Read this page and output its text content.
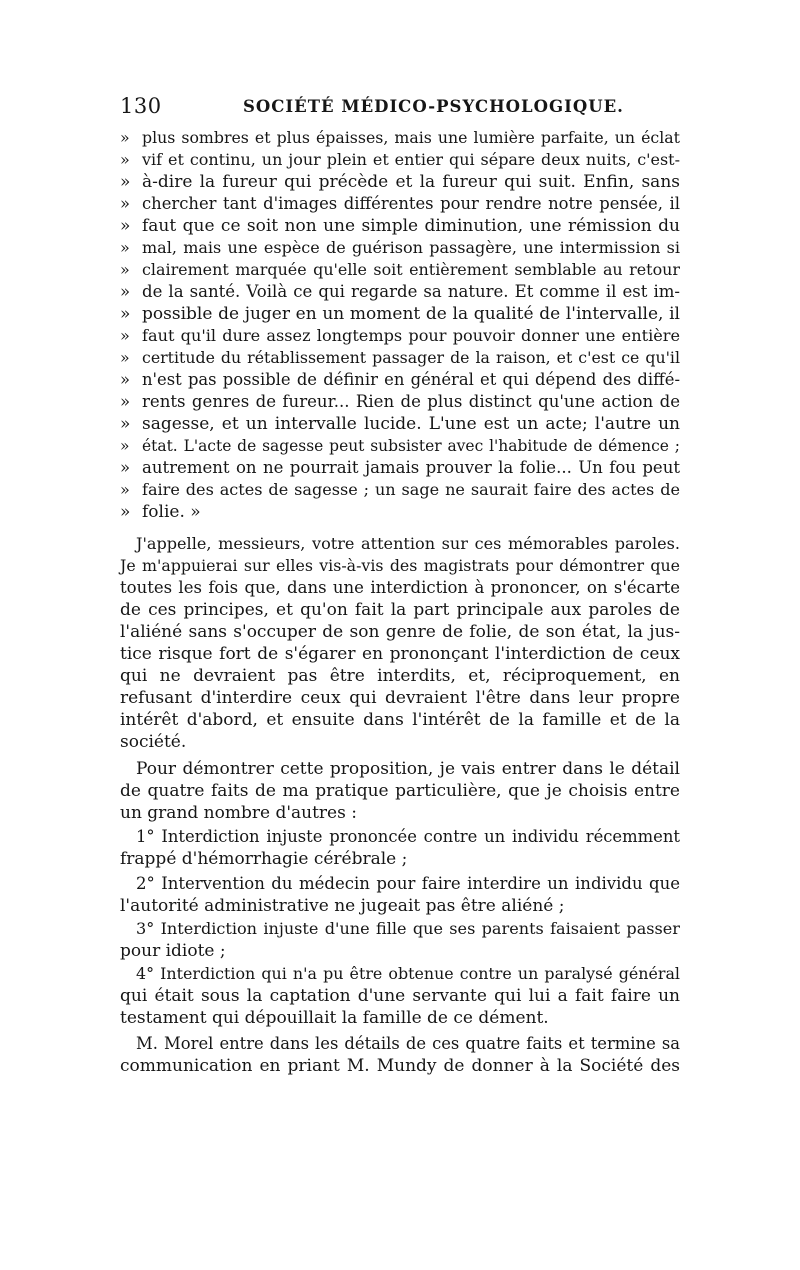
130	SOCIÉTÉ MÉDICO-PSYCHOLOGIQUE.
» plus sombres et plus épaisses, mais une lumière parfaite, un éclat
» vif et continu, un jour plein et entier qui sépare deux nuits, c'est-
» à-dire la fureur qui précède et la fureur qui suit. Enfin, sans
» chercher tant d'images différentes pour rendre notre pensée, il
» faut que ce soit non une simple diminution, une rémission du
» mal, mais une espèce de guérison passagère, une intermission si
» clairement marquée qu'elle soit entièrement semblable au retour
» de la santé. Voilà ce qui regarde sa nature. Et comme il est im-
» possible de juger en un moment de la qualité de l'intervalle, il
» faut qu'il dure assez longtemps pour pouvoir donner une entière
» certitude du rétablissement passager de la raison, et c'est ce qu'il
» n'est pas possible de définir en général et qui dépend des diffé-
» rents genres de fureur... Rien de plus distinct qu'une action de
» sagesse, et un intervalle lucide. L'une est un acte; l'autre un
» état. L'acte de sagesse peut subsister avec l'habitude de démence ;
» autrement on ne pourrait jamais prouver la folie... Un fou peut
» faire des actes de sagesse ; un sage ne saurait faire des actes de
» folie. »
J'appelle, messieurs, votre attention sur ces mémorables paroles.
Je m'appuierai sur elles vis-à-vis des magistrats pour démontrer que
toutes les fois que, dans une interdiction à prononcer, on s'écarte
de ces principes, et qu'on fait la part principale aux paroles de
l'aliéné sans s'occuper de son genre de folie, de son état, la jus-
tice risque fort de s'égarer en prononçant l'interdiction de ceux
qui ne devraient pas être interdits, et, réciproquement, en
refusant d'interdire ceux qui devraient l'être dans leur propre
intérêt d'abord, et ensuite dans l'intérêt de la famille et de la
société.
Pour démontrer cette proposition, je vais entrer dans le détail
de quatre faits de ma pratique particulière, que je choisis entre
un grand nombre d'autres :
1° Interdiction injuste prononcée contre un individu récemment
frappé d'hémorrhagie cérébrale ;
2° Intervention du médecin pour faire interdire un individu que
l'autorité administrative ne jugeait pas être aliéné ;
3° Interdiction injuste d'une fille que ses parents faisaient passer
pour idiote ;
4° Interdiction qui n'a pu être obtenue contre un paralysé général
qui était sous la captation d'une servante qui lui a fait faire un
testament qui dépouillait la famille de ce dément.
M. Morel entre dans les détails de ces quatre faits et termine sa
communication en priant M. Mundy de donner à la Société des
